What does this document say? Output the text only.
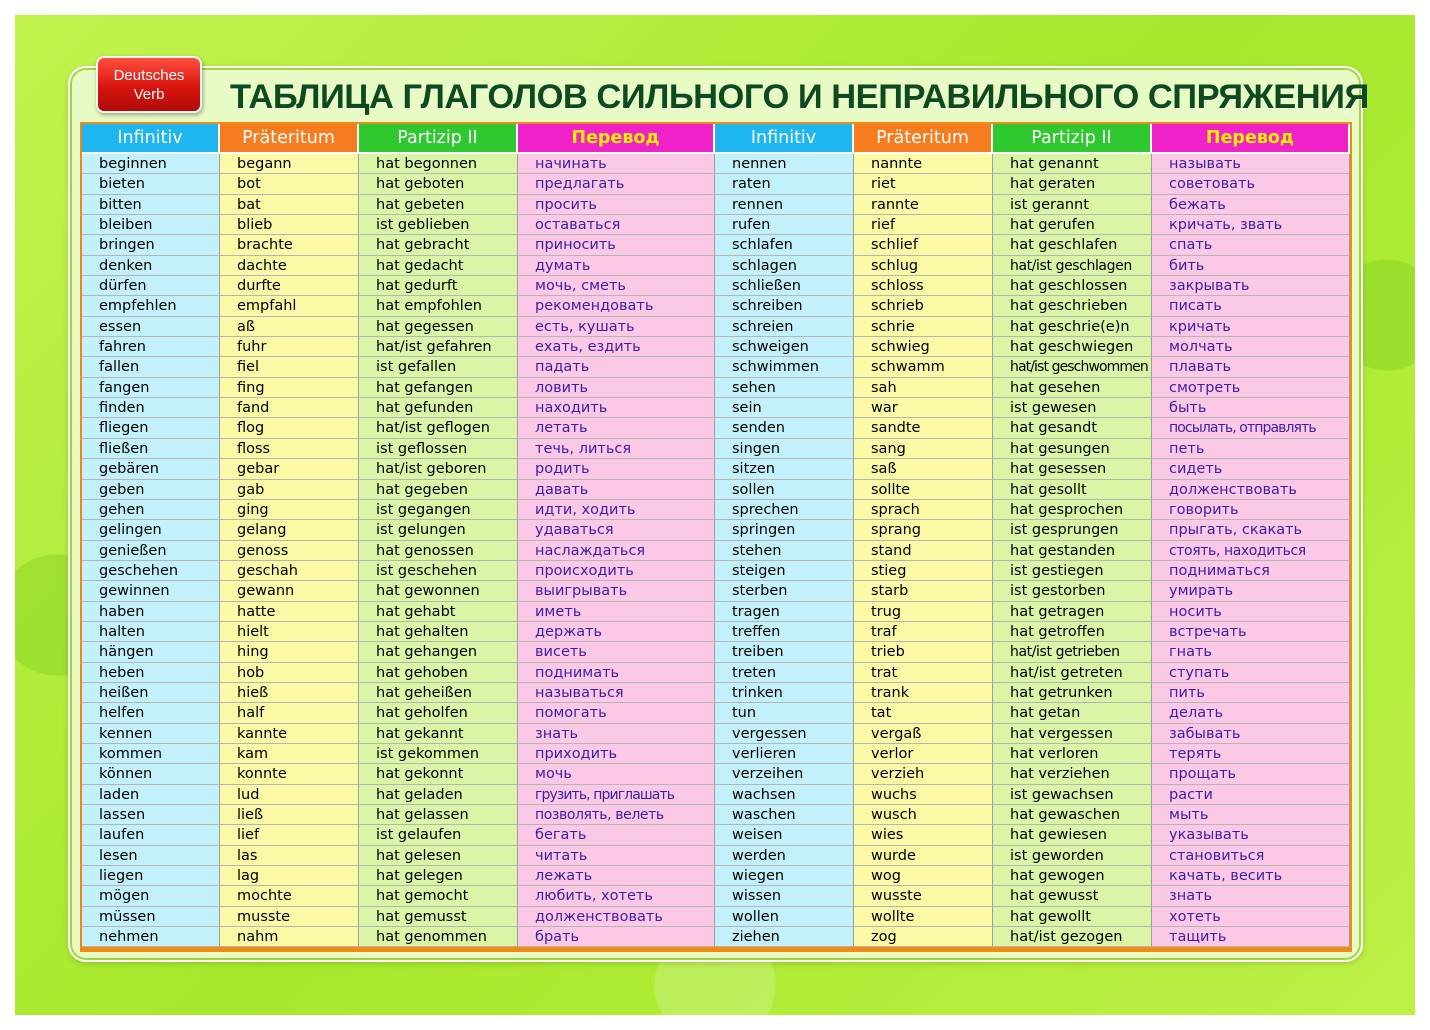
Deutsches
Verb	ТАБЛИЦА ГЛАГОЛОВ СИЛЬНОГО И НЕПРАВИЛЬНОГО СПРЯЖЕНИЯ
Infinitiv	Präteritum	Partizip II	Перевод	Infinitiv	Präteritum	Partizip II	Перевод
beginnen	begann	hat begonnen	начинать	nennen	nannte	hat genannt	называть
bieten	bot	hat geboten	предлагать	raten	riet	hat geraten	советовать
bitten	bat	hat gebeten	просить	rennen	rannte	ist gerannt	бежать
bleiben	blieb	ist geblieben	оставаться	rufen	rief	hat gerufen	кричать, звать
bringen	brachte	hat gebracht	приносить	schlafen	schlief	hat geschlafen	спать
denken	dachte	hat gedacht	думать	schlagen	schlug	hat/ist geschlagen	бить
dürfen	durfte	hat gedurft	мочь, сметь	schließen	schloss	hat geschlossen	закрывать
empfehlen	empfahl	hat empfohlen	рекомендовать	schreiben	schrieb	hat geschrieben	писать
essen	aß	hat gegessen	есть, кушать	schreien	schrie	hat geschrie(e)n	кричать
fahren	fuhr	hat/ist gefahren	ехать, ездить	schweigen	schwieg	hat geschwiegen	молчать
fallen	fiel	ist gefallen	падать	schwimmen	schwamm	hat/ist geschwommen	плавать
fangen	fing	hat gefangen	ловить	sehen	sah	hat gesehen	смотреть
finden	fand	hat gefunden	находить	sein	war	ist gewesen	быть
fliegen	flog	hat/ist geflogen	летать	senden	sandte	hat gesandt	посылать, отправлять
fließen	floss	ist geflossen	течь, литься	singen	sang	hat gesungen	петь
gebären	gebar	hat/ist geboren	родить	sitzen	saß	hat gesessen	сидеть
geben	gab	hat gegeben	давать	sollen	sollte	hat gesollt	долженствовать
gehen	ging	ist gegangen	идти, ходить	sprechen	sprach	hat gesprochen	говорить
gelingen	gelang	ist gelungen	удаваться	springen	sprang	ist gesprungen	прыгать, скакать
genießen	genoss	hat genossen	наслаждаться	stehen	stand	hat gestanden	стоять, находиться
geschehen	geschah	ist geschehen	происходить	steigen	stieg	ist gestiegen	подниматься
gewinnen	gewann	hat gewonnen	выигрывать	sterben	starb	ist gestorben	умирать
haben	hatte	hat gehabt	иметь	tragen	trug	hat getragen	носить
halten	hielt	hat gehalten	держать	treffen	traf	hat getroffen	встречать
hängen	hing	hat gehangen	висеть	treiben	trieb	hat/ist getrieben	гнать
heben	hob	hat gehoben	поднимать	treten	trat	hat/ist getreten	ступать
heißen	hieß	hat geheißen	называться	trinken	trank	hat getrunken	пить
helfen	half	hat geholfen	помогать	tun	tat	hat getan	делать
kennen	kannte	hat gekannt	знать	vergessen	vergaß	hat vergessen	забывать
kommen	kam	ist gekommen	приходить	verlieren	verlor	hat verloren	терять
können	konnte	hat gekonnt	мочь	verzeihen	verzieh	hat verziehen	прощать
laden	lud	hat geladen	грузить, приглашать	wachsen	wuchs	ist gewachsen	расти
lassen	ließ	hat gelassen	позволять, велеть	waschen	wusch	hat gewaschen	мыть
laufen	lief	ist gelaufen	бегать	weisen	wies	hat gewiesen	указывать
lesen	las	hat gelesen	читать	werden	wurde	ist geworden	становиться
liegen	lag	hat gelegen	лежать	wiegen	wog	hat gewogen	качать, весить
mögen	mochte	hat gemocht	любить, хотеть	wissen	wusste	hat gewusst	знать
müssen	musste	hat gemusst	долженствовать	wollen	wollte	hat gewollt	хотеть
nehmen	nahm	hat genommen	брать	ziehen	zog	hat/ist gezogen	тащить
